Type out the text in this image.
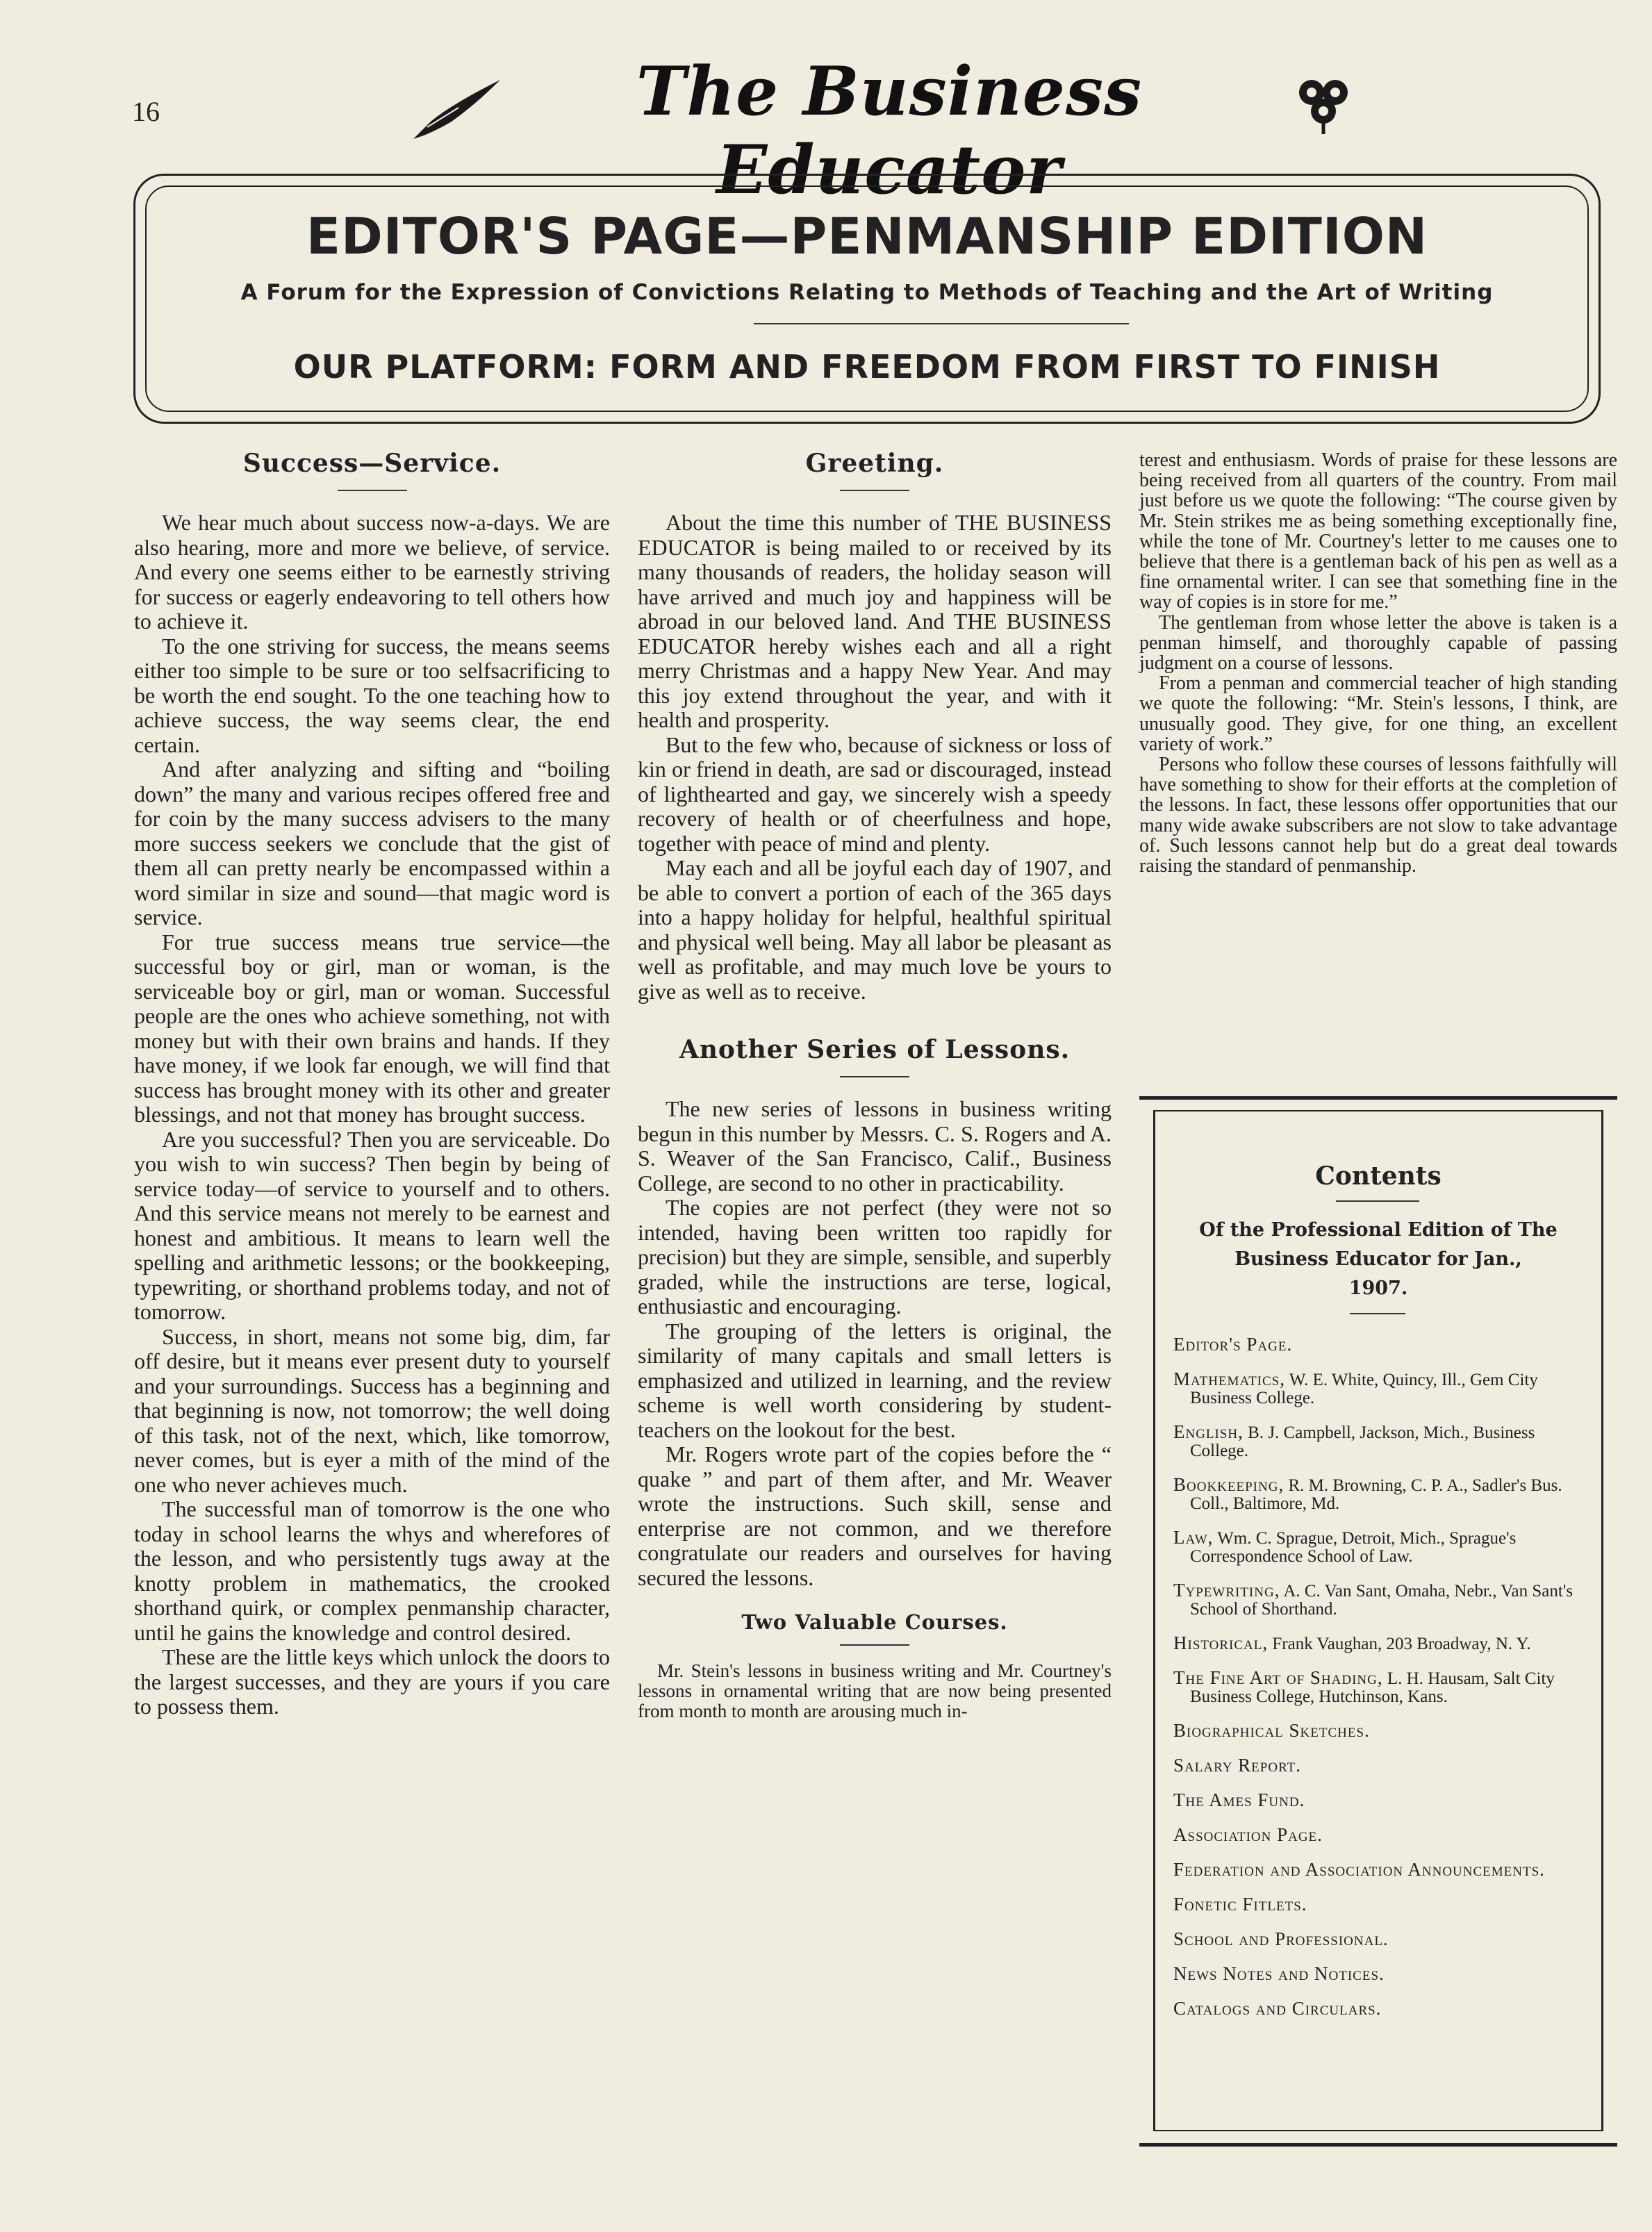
16	The Business Educator
EDITOR'S PAGE—PENMANSHIP EDITION
A Forum for the Expression of Convictions Relating to Methods of Teaching and the Art of Writing
OUR PLATFORM: FORM AND FREEDOM FROM FIRST TO FINISH
Success—Service.

We hear much about success now-a-days. We are also hearing, more and more we believe, of service. And every one seems either to be earnestly striving for success or eagerly endeavoring to tell others how to achieve it.

To the one striving for success, the means seems either too simple to be sure or too selfsacrificing to be worth the end sought. To the one teaching how to achieve success, the way seems clear, the end certain.

And after analyzing and sifting and “boiling down” the many and various recipes offered free and for coin by the many success advisers to the many more success seekers we conclude that the gist of them all can pretty nearly be encompassed within a word similar in size and sound—that magic word is service.

For true success means true service—the successful boy or girl, man or woman, is the serviceable boy or girl, man or woman. Successful people are the ones who achieve something, not with money but with their own brains and hands. If they have money, if we look far enough, we will find that success has brought money with its other and greater blessings, and not that money has brought success.

Are you successful? Then you are serviceable. Do you wish to win success? Then begin by being of service today—of service to yourself and to others. And this service means not merely to be earnest and honest and ambitious. It means to learn well the spelling and arithmetic lessons; or the bookkeeping, typewriting, or shorthand problems today, and not of tomorrow.

Success, in short, means not some big, dim, far off desire, but it means ever present duty to yourself and your surroundings. Success has a beginning and that beginning is now, not tomorrow; the well doing of this task, not of the next, which, like tomorrow, never comes, but is eyer a mith of the mind of the one who never achieves much.

The successful man of tomorrow is the one who today in school learns the whys and wherefores of the lesson, and who persistently tugs away at the knotty problem in mathematics, the crooked shorthand quirk, or complex penmanship character, until he gains the knowledge and control desired.

These are the little keys which unlock the doors to the largest successes, and they are yours if you care to possess them.

Greeting.

About the time this number of THE BUSINESS EDUCATOR is being mailed to or received by its many thousands of readers, the holiday season will have arrived and much joy and happiness will be abroad in our beloved land. And THE BUSINESS EDUCATOR hereby wishes each and all a right merry Christmas and a happy New Year. And may this joy extend throughout the year, and with it health and prosperity.

But to the few who, because of sickness or loss of kin or friend in death, are sad or discouraged, instead of lighthearted and gay, we sincerely wish a speedy recovery of health or of cheerfulness and hope, together with peace of mind and plenty.

May each and all be joyful each day of 1907, and be able to convert a portion of each of the 365 days into a happy holiday for helpful, healthful spiritual and physical well being. May all labor be pleasant as well as profitable, and may much love be yours to give as well as to receive.

Another Series of Lessons.

The new series of lessons in business writing begun in this number by Messrs. C. S. Rogers and A. S. Weaver of the San Francisco, Calif., Business College, are second to no other in practicability.

The copies are not perfect (they were not so intended, having been written too rapidly for precision) but they are simple, sensible, and superbly graded, while the instructions are terse, logical, enthusiastic and encouraging.

The grouping of the letters is original, the similarity of many capitals and small letters is emphasized and utilized in learning, and the review scheme is well worth considering by student-teachers on the lookout for the best.

Mr. Rogers wrote part of the copies before the “ quake ” and part of them after, and Mr. Weaver wrote the instructions. Such skill, sense and enterprise are not common, and we therefore congratulate our readers and ourselves for having secured the lessons.

Two Valuable Courses.

Mr. Stein's lessons in business writing and Mr. Courtney's lessons in ornamental writing that are now being presented from month to month are arousing much in-

terest and enthusiasm. Words of praise for these lessons are being received from all quarters of the country. From mail just before us we quote the following: “The course given by Mr. Stein strikes me as being something exceptionally fine, while the tone of Mr. Courtney's letter to me causes one to believe that there is a gentleman back of his pen as well as a fine ornamental writer. I can see that something fine in the way of copies is in store for me.”

The gentleman from whose letter the above is taken is a penman himself, and thoroughly capable of passing judgment on a course of lessons.

From a penman and commercial teacher of high standing we quote the following: “Mr. Stein's lessons, I think, are unusually good. They give, for one thing, an excellent variety of work.”

Persons who follow these courses of lessons faithfully will have something to show for their efforts at the completion of the lessons. In fact, these lessons offer opportunities that our many wide awake subscribers are not slow to take advantage of. Such lessons cannot help but do a great deal towards raising the standard of penmanship.

Contents
Of the Professional Edition of The
Business Educator for Jan.,
1907.
Editor's Page.
Mathematics, W. E. White, Quincy, Ill., Gem City Business College.
English, B. J. Campbell, Jackson, Mich., Business College.
Bookkeeping, R. M. Browning, C. P. A., Sadler's Bus. Coll., Baltimore, Md.
Law, Wm. C. Sprague, Detroit, Mich., Sprague's Correspondence School of Law.
Typewriting, A. C. Van Sant, Omaha, Nebr., Van Sant's School of Shorthand.
Historical, Frank Vaughan, 203 Broadway, N. Y.
The Fine Art of Shading, L. H. Hausam, Salt City Business College, Hutchinson, Kans.
Biographical Sketches.
Salary Report.
The Ames Fund.
Association Page.
Federation and Association Announcements.
Fonetic Fitlets.
School and Professional.
News Notes and Notices.
Catalogs and Circulars.
